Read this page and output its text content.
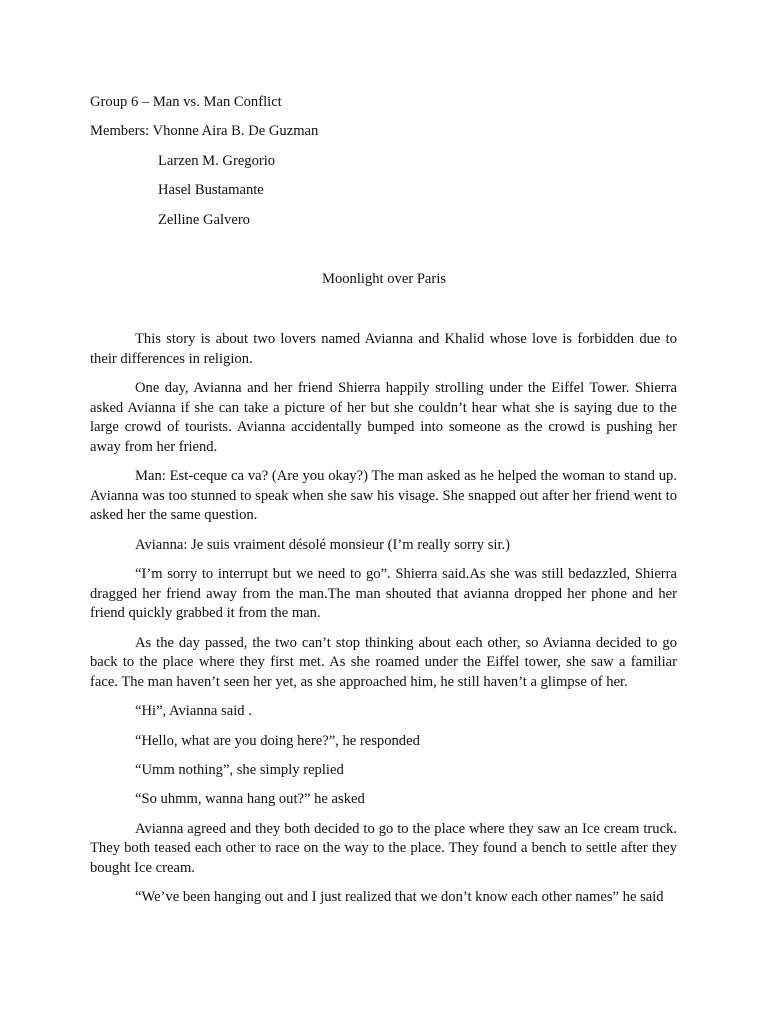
Group 6 – Man vs. Man Conflict
Members: Vhonne Aira B. De Guzman
Larzen M. Gregorio
Hasel Bustamante
Zelline Galvero
Moonlight over Paris

This story is about two lovers named Avianna and Khalid whose love is forbidden due to their differences in religion.

One day, Avianna and her friend Shierra happily strolling under the Eiffel Tower. Shierra asked Avianna if she can take a picture of her but she couldn’t hear what she is saying due to the large crowd of tourists. Avianna accidentally bumped into someone as the crowd is pushing her away from her friend.

Man: Est-ceque ca va? (Are you okay?) The man asked as he helped the woman to stand up. Avianna was too stunned to speak when she saw his visage. She snapped out after her friend went to asked her the same question.

Avianna: Je suis vraiment désolé monsieur (I’m really sorry sir.)

“I’m sorry to interrupt but we need to go”. Shierra said.As she was still bedazzled, Shierra dragged her friend away from the man.The man shouted that avianna dropped her phone and her friend quickly grabbed it from the man.

As the day passed, the two can’t stop thinking about each other, so Avianna decided to go back to the place where they first met. As she roamed under the Eiffel tower, she saw a familiar face. The man haven’t seen her yet, as she approached him, he still haven’t a glimpse of her.

“Hi”, Avianna said .

“Hello, what are you doing here?”, he responded

“Umm nothing”, she simply replied

“So uhmm, wanna hang out?” he asked

Avianna agreed and they both decided to go to the place where they saw an Ice cream truck. They both teased each other to race on the way to the place. They found a bench to settle after they bought Ice cream.

“We’ve been hanging out and I just realized that we don’t know each other names” he said
